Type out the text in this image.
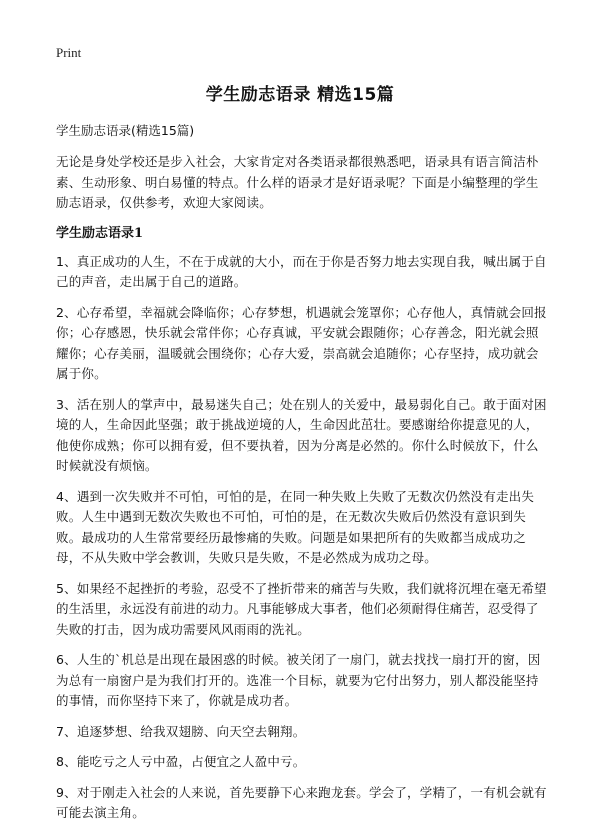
Print
学生励志语录 精选15篇
学生励志语录(精选15篇)

无论是身处学校还是步入社会，大家肯定对各类语录都很熟悉吧，语录具有语言简洁朴素、生动形象、明白易懂的特点。什么样的语录才是好语录呢？下面是小编整理的学生励志语录，仅供参考，欢迎大家阅读。

学生励志语录1

1、真正成功的人生，不在于成就的大小，而在于你是否努力地去实现自我，喊出属于自己的声音，走出属于自己的道路。

2、心存希望，幸福就会降临你；心存梦想，机遇就会笼罩你；心存他人，真情就会回报你；心存感恩，快乐就会常伴你；心存真诚，平安就会跟随你；心存善念，阳光就会照耀你；心存美丽，温暖就会围绕你；心存大爱，崇高就会追随你；心存坚持，成功就会属于你。

3、活在别人的掌声中，最易迷失自己；处在别人的关爱中，最易弱化自己。敢于面对困境的人，生命因此坚强；敢于挑战逆境的人，生命因此茁壮。要感谢给你提意见的人，他使你成熟；你可以拥有爱，但不要执着，因为分离是必然的。你什么时候放下，什么时候就没有烦恼。

4、遇到一次失败并不可怕，可怕的是，在同一种失败上失败了无数次仍然没有走出失败。人生中遇到无数次失败也不可怕，可怕的是，在无数次失败后仍然没有意识到失败。最成功的人生常常要经历最惨痛的失败。问题是如果把所有的失败都当成成功之母，不从失败中学会教训，失败只是失败，不是必然成为成功之母。

5、如果经不起挫折的考验，忍受不了挫折带来的痛苦与失败，我们就将沉埋在毫无希望的生活里，永远没有前进的动力。凡事能够成大事者，他们必须耐得住痛苦，忍受得了失败的打击，因为成功需要风风雨雨的洗礼。

6、人生的`机总是出现在最困惑的时候。被关闭了一扇门，就去找找一扇打开的窗，因为总有一扇窗户是为我们打开的。选准一个目标，就要为它付出努力，别人都没能坚持的事情，而你坚持下来了，你就是成功者。

7、追逐梦想、给我双翅膀、向天空去翱翔。

8、能吃亏之人亏中盈，占便宜之人盈中亏。

9、对于刚走入社会的人来说，首先要静下心来跑龙套。学会了，学精了，一有机会就有可能去演主角。
